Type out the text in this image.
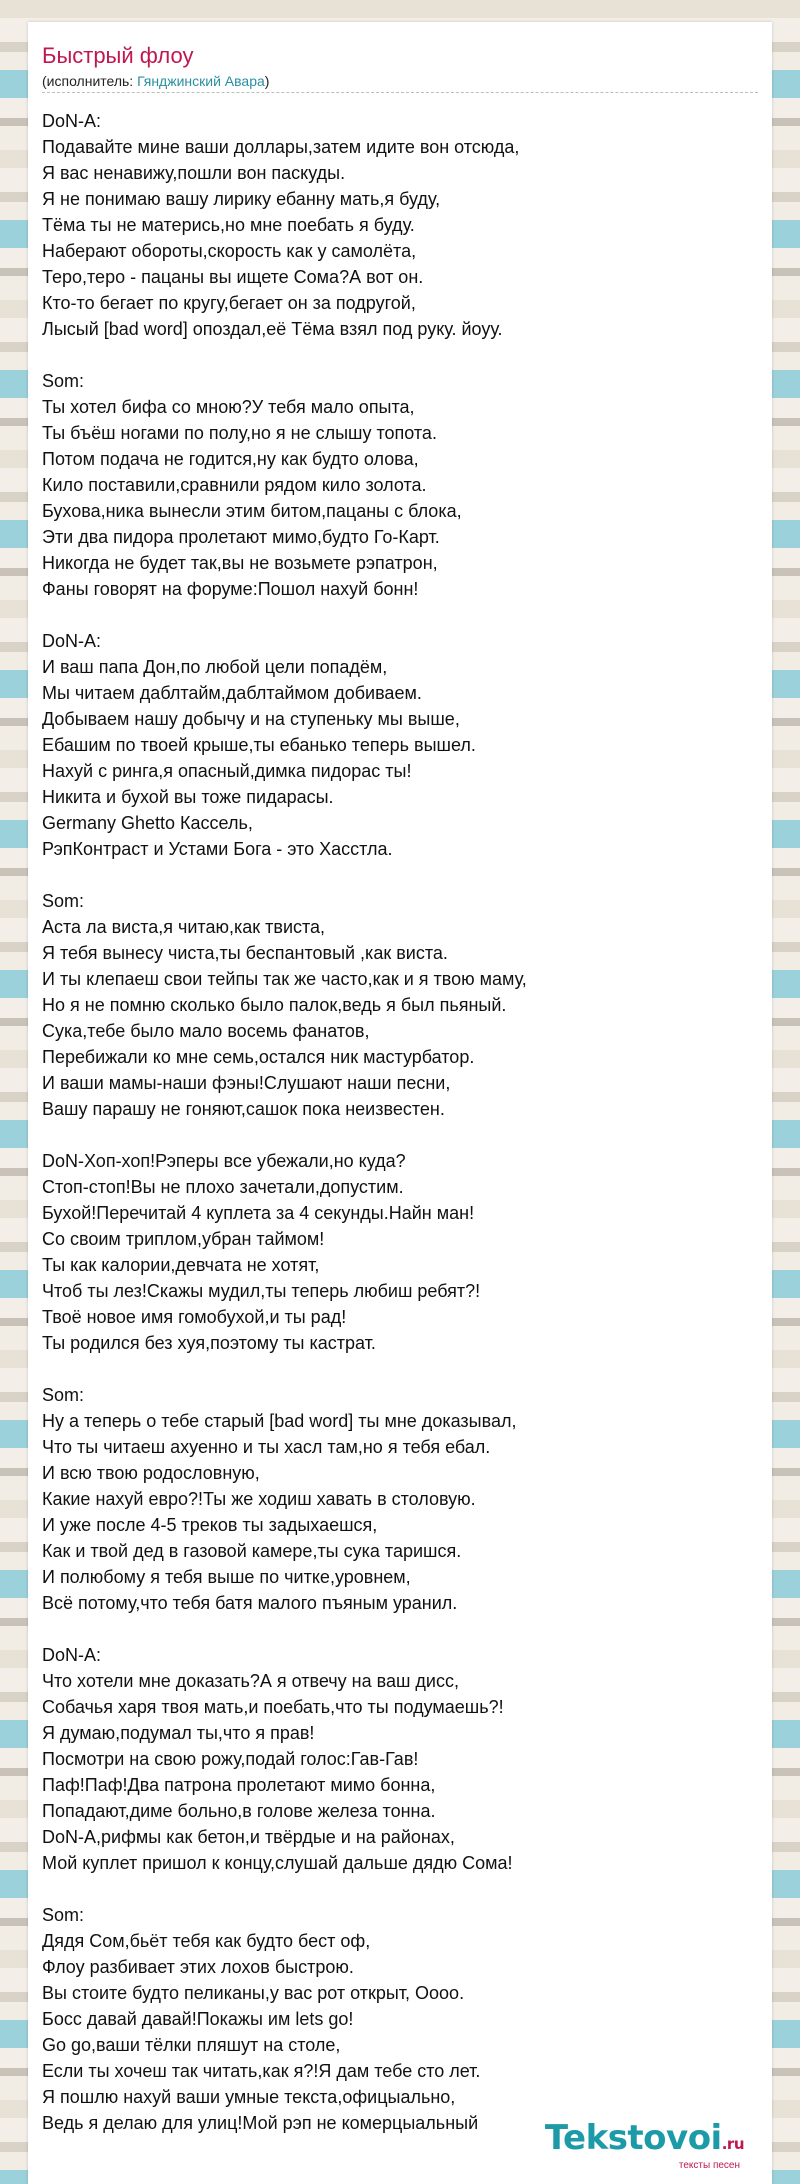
Быстрый флоу
(исполнитель: Гянджинский Авара)
DoN-A:
Подавайте мине ваши доллары,затем идите вон отсюда,
Я вас ненавижу,пошли вон паскуды.
Я не понимаю вашу лирику ебанну мать,я буду,
Тёма ты не матерись,но мне поебать я буду.
Наберают обороты,скорость как у самолёта,
Теро,теро - пацаны вы ищете Сома?А вот он.
Кто-то бегает по кругу,бегает он за подругой,
Лысый [bad word] опоздал,её Тёма взял под руку. йоуу.
Som:
Ты хотел бифа со мною?У тебя мало опыта,
Ты бъёш ногами по полу,но я не слышу топота.
Потом подача не годится,ну как будто олова,
Кило поставили,сравнили рядом кило золота.
Бухова,ника вынесли этим битом,пацаны с блока,
Эти два пидора пролетают мимо,будто Го-Карт.
Никогда не будет так,вы не возьмете рэпатрон,
Фаны говорят на форуме:Пошол нахуй бонн!
DoN-A:
И ваш папа Дон,по любой цели попадём,
Мы читаем даблтайм,даблтаймом добиваем.
Добываем нашу добычу и на ступеньку мы выше,
Ебашим по твоей крыше,ты ебанько теперь вышел.
Нахуй с ринга,я опасный,димка пидорас ты!
Никита и бухой вы тоже пидарасы.
Germany Ghetto Кассель,
РэпКонтраст и Устами Бога - это Хасстла.
Som:
Аста ла виста,я читаю,как твиста,
Я тебя вынесу чиста,ты беспантовый ,как виста.
И ты клепаеш свои тейпы так же часто,как и я твою маму,
Но я не помню сколько было палок,ведь я был пьяный.
Сука,тебе было мало восемь фанатов,
Перебижали ко мне семь,остался ник мастурбатор.
И ваши мамы-наши фэны!Слушают наши песни,
Вашу парашу не гоняют,сашок пока неизвестен.
DoN-Хоп-хоп!Рэперы все убежали,но куда?
Стоп-стоп!Вы не плохо зачетали,допустим.
Бухой!Перечитай 4 куплета за 4 секунды.Найн ман!
Со своим триплом,убран таймом!
Ты как калории,девчата не хотят,
Чтоб ты лез!Скажы мудил,ты теперь любиш ребят?!
Твоё новое имя гомобухой,и ты рад!
Ты родился без хуя,поэтому ты кастрат.
Som:
Ну а теперь о тебе старый [bad word] ты мне доказывал,
Что ты читаеш ахуенно и ты хасл там,но я тебя ебал.
И всю твою родословную,
Какие нахуй евро?!Ты же ходиш хавать в столовую.
И уже после 4-5 треков ты задыхаешся,
Как и твой дед в газовой камере,ты сука таришся.
И полюбому я тебя выше по читке,уровнем,
Всё потому,что тебя батя малого пъяным уранил.
DoN-A:
Что хотели мне доказать?А я отвечу на ваш дисс,
Собачья харя твоя мать,и поебать,что ты подумаешь?!
Я думаю,подумал ты,что я прав!
Посмотри на свою рожу,подай голос:Гав-Гав!
Паф!Паф!Два патрона пролетают мимо бонна,
Попадают,диме больно,в голове железа тонна.
DoN-A,рифмы как бетон,и твёрдые и на районах,
Мой куплет пришол к концу,слушай дальше дядю Сома!
Som:
Дядя Сом,бьёт тебя как будто бест оф,
Флоу разбивает этих лохов быстрою.
Вы стоите будто пеликаны,у вас рот открыт, Оооо.
Босс давай давай!Покажы им lets go!
Go go,ваши тёлки пляшут на столе,
Если ты хочеш так читать,как я?!Я дам тебе сто лет.
Я пошлю нахуй ваши умные текста,офицыально,
Ведь я делаю для улиц!Мой рэп не комерцыальный	Tekstovoi.ru
тексты песен
